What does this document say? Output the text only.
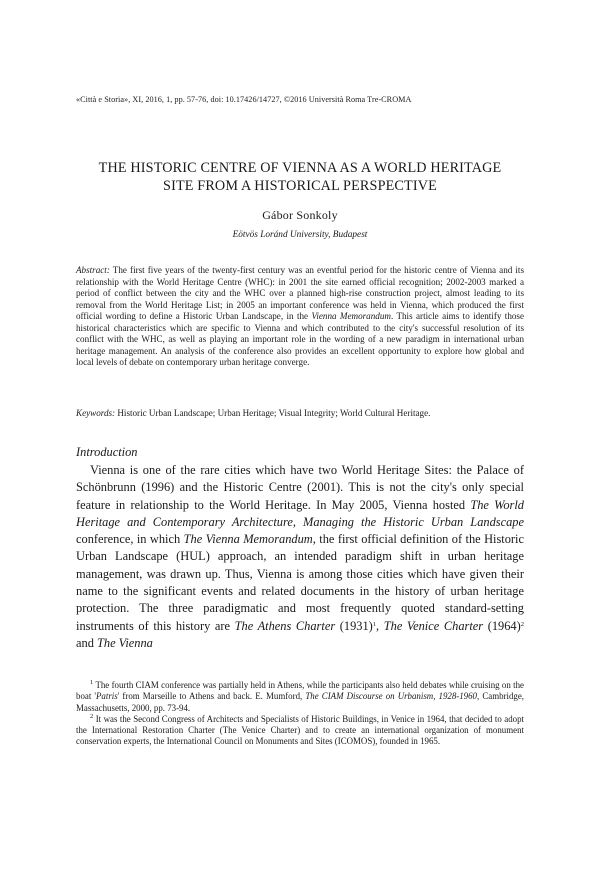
«Città e Storia», XI, 2016, 1, pp. 57-76, doi: 10.17426/14727, ©2016 Università Roma Tre-CROMA
THE HISTORIC CENTRE OF VIENNA AS A WORLD HERITAGE
SITE FROM A HISTORICAL PERSPECTIVE
Gábor Sonkoly
Eötvös Loránd University, Budapest
Abstract: The first five years of the twenty-first century was an eventful period for the historic centre of Vienna and its relationship with the World Heritage Centre (WHC): in 2001 the site earned official recognition; 2002-2003 marked a period of conflict between the city and the WHC over a planned high-rise construction project, almost leading to its removal from the World Heritage List; in 2005 an important conference was held in Vienna, which produced the first official wording to define a Historic Urban Landscape, in the Vienna Memorandum. This article aims to identify those historical characteristics which are specific to Vienna and which contributed to the city's successful resolution of its conflict with the WHC, as well as playing an important role in the wording of a new paradigm in international urban heritage management. An analysis of the conference also provides an excellent opportunity to explore how global and local levels of debate on contemporary urban heritage converge.
Keywords: Historic Urban Landscape; Urban Heritage; Visual Integrity; World Cultural Heritage.
Introduction

Vienna is one of the rare cities which have two World Heritage Sites: the Palace of Schönbrunn (1996) and the Historic Centre (2001). This is not the city's only special feature in relationship to the World Heritage. In May 2005, Vienna hosted The World Heritage and Contemporary Architecture, Managing the Historic Urban Landscape conference, in which The Vienna Memorandum, the first official definition of the Historic Urban Landscape (HUL) approach, an intended paradigm shift in urban heritage management, was drawn up. Thus, Vienna is among those cities which have given their name to the significant events and related documents in the history of urban heritage protection. The three paradigmatic and most frequently quoted standard-setting instruments of this history are The Athens Charter $(1931)^1$, The Venice Charter $(1964)^2$ and The Vienna

$^1$ The fourth CIAM conference was partially held in Athens, while the participants also held debates while cruising on the boat 'Patris' from Marseille to Athens and back. E. Mumford, The CIAM Discourse on Urbanism, 1928-1960, Cambridge, Massachusetts, 2000, pp. 73-94.

$^2$ It was the Second Congress of Architects and Specialists of Historic Buildings, in Venice in 1964, that decided to adopt the International Restoration Charter (The Venice Charter) and to create an international organization of monument conservation experts, the International Council on Monuments and Sites (ICOMOS), founded in 1965.
